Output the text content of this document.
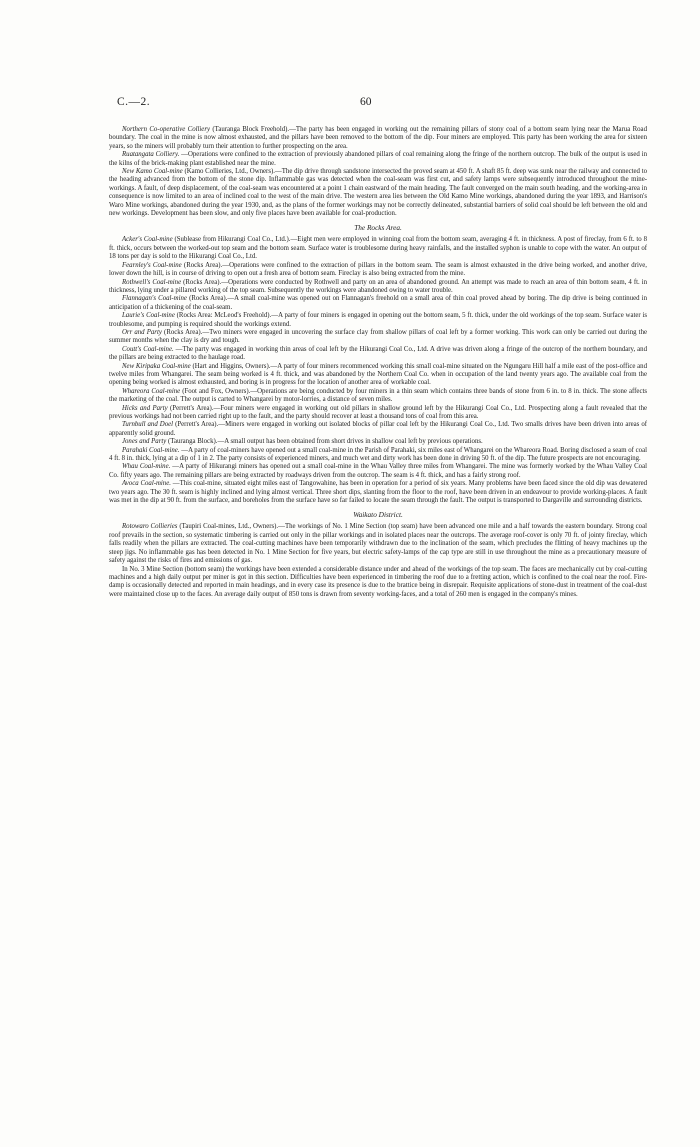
C.—2.	60

Northern Co-operative Colliery (Tauranga Block Freehold).—The party has been engaged in working out the remaining pillars of stony coal of a bottom seam lying near the Marua Road boundary. The coal in the mine is now almost exhausted, and the pillars have been removed to the bottom of the dip. Four miners are employed. This party has been working the area for sixteen years, so the miners will probably turn their attention to further prospecting on the area.

Ruatangata Colliery. —Operations were confined to the extraction of previously abandoned pillars of coal remaining along the fringe of the northern outcrop. The bulk of the output is used in the kilns of the brick-making plant established near the mine.

New Kamo Coal-mine (Kamo Collieries, Ltd., Owners).—The dip drive through sandstone intersected the proved seam at 450 ft. A shaft 85 ft. deep was sunk near the railway and connected to the heading advanced from the bottom of the stone dip. Inflammable gas was detected when the coal-seam was first cut, and safety lamps were subsequently introduced throughout the mine-workings. A fault, of deep displacement, of the coal-seam was encountered at a point 1 chain eastward of the main heading. The fault converged on the main south heading, and the working-area in consequence is now limited to an area of inclined coal to the west of the main drive. The western area lies between the Old Kamo Mine workings, abandoned during the year 1893, and Harrison's Waro Mine workings, abandoned during the year 1930, and, as the plans of the former workings may not be correctly delineated, substantial barriers of solid coal should be left between the old and new workings. Development has been slow, and only five places have been available for coal-production.

The Rocks Area.

Acker's Coal-mine (Sublease from Hikurangi Coal Co., Ltd.).—Eight men were employed in winning coal from the bottom seam, averaging 4 ft. in thickness. A post of fireclay, from 6 ft. to 8 ft. thick, occurs between the worked-out top seam and the bottom seam. Surface water is troublesome during heavy rainfalls, and the installed syphon is unable to cope with the water. An output of 18 tons per day is sold to the Hikurangi Coal Co., Ltd.

Fearnley's Coal-mine (Rocks Area).—Operations were confined to the extraction of pillars in the bottom seam. The seam is almost exhausted in the drive being worked, and another drive, lower down the hill, is in course of driving to open out a fresh area of bottom seam. Fireclay is also being extracted from the mine.

Rothwell's Coal-mine (Rocks Area).—Operations were conducted by Rothwell and party on an area of abandoned ground. An attempt was made to reach an area of thin bottom seam, 4 ft. in thickness, lying under a pillared working of the top seam. Subsequently the workings were abandoned owing to water trouble.

Flannagan's Coal-mine (Rocks Area).—A small coal-mine was opened out on Flannagan's freehold on a small area of thin coal proved ahead by boring. The dip drive is being continued in anticipation of a thickening of the coal-seam.

Laurie's Coal-mine (Rocks Area: McLeod's Freehold).—A party of four miners is engaged in opening out the bottom seam, 5 ft. thick, under the old workings of the top seam. Surface water is troublesome, and pumping is required should the workings extend.

Orr and Party (Rocks Area).—Two miners were engaged in uncovering the surface clay from shallow pillars of coal left by a former working. This work can only be carried out during the summer months when the clay is dry and tough.

Coutt's Coal-mine. —The party was engaged in working thin areas of coal left by the Hikurangi Coal Co., Ltd. A drive was driven along a fringe of the outcrop of the northern boundary, and the pillars are being extracted to the haulage road.

New Kiripaka Coal-mine (Hart and Higgins, Owners).—A party of four miners recommenced working this small coal-mine situated on the Ngungaru Hill half a mile east of the post-office and twelve miles from Whangarei. The seam being worked is 4 ft. thick, and was abandoned by the Northern Coal Co. when in occupation of the land twenty years ago. The available coal from the opening being worked is almost exhausted, and boring is in progress for the location of another area of workable coal.

Whareora Coal-mine (Foot and Fox, Owners).—Operations are being conducted by four miners in a thin seam which contains three bands of stone from 6 in. to 8 in. thick. The stone affects the marketing of the coal. The output is carted to Whangarei by motor-lorries, a distance of seven miles.

Hicks and Party (Perrett's Area).—Four miners were engaged in working out old pillars in shallow ground left by the Hikurangi Coal Co., Ltd. Prospecting along a fault revealed that the previous workings had not been carried right up to the fault, and the party should recover at least a thousand tons of coal from this area.

Turnbull and Doel (Perrett's Area).—Miners were engaged in working out isolated blocks of pillar coal left by the Hikurangi Coal Co., Ltd. Two smalls drives have been driven into areas of apparently solid ground.

Jones and Party (Tauranga Block).—A small output has been obtained from short drives in shallow coal left by previous operations.

Parahaki Coal-mine. —A party of coal-miners have opened out a small coal-mine in the Parish of Parahaki, six miles east of Whangarei on the Whareora Road. Boring disclosed a seam of coal 4 ft. 8 in. thick, lying at a dip of 1 in 2. The party consists of experienced miners, and much wet and dirty work has been done in driving 50 ft. of the dip. The future prospects are not encouraging.

Whau Coal-mine. —A party of Hikurangi miners has opened out a small coal-mine in the Whau Valley three miles from Whangarei. The mine was formerly worked by the Whau Valley Coal Co. fifty years ago. The remaining pillars are being extracted by roadways driven from the outcrop. The seam is 4 ft. thick, and has a fairly strong roof.

Avoca Coal-mine. —This coal-mine, situated eight miles east of Tangowahine, has been in operation for a period of six years. Many problems have been faced since the old dip was dewatered two years ago. The 30 ft. seam is highly inclined and lying almost vertical. Three short dips, slanting from the floor to the roof, have been driven in an endeavour to provide working-places. A fault was met in the dip at 90 ft. from the surface, and boreholes from the surface have so far failed to locate the seam through the fault. The output is transported to Dargaville and surrounding districts.

Waikato District.

Rotowaro Collieries (Taupiri Coal-mines, Ltd., Owners).—The workings of No. 1 Mine Section (top seam) have been advanced one mile and a half towards the eastern boundary. Strong coal roof prevails in the section, so systematic timbering is carried out only in the pillar workings and in isolated places near the outcrops. The average roof-cover is only 70 ft. of jointy fireclay, which falls readily when the pillars are extracted. The coal-cutting machines have been temporarily withdrawn due to the inclination of the seam, which precludes the flitting of heavy machines up the steep jigs. No inflammable gas has been detected in No. 1 Mine Section for five years, but electric safety-lamps of the cap type are still in use throughout the mine as a precautionary measure of safety against the risks of fires and emissions of gas.

In No. 3 Mine Section (bottom seam) the workings have been extended a considerable distance under and ahead of the workings of the top seam. The faces are mechanically cut by coal-cutting machines and a high daily output per miner is got in this section. Difficulties have been experienced in timbering the roof due to a fretting action, which is confined to the coal near the roof. Fire-damp is occasionally detected and reported in main headings, and in every case its presence is due to the brattice being in disrepair. Requisite applications of stone-dust in treatment of the coal-dust were maintained close up to the faces. An average daily output of 850 tons is drawn from seventy working-faces, and a total of 260 men is engaged in the company's mines.
